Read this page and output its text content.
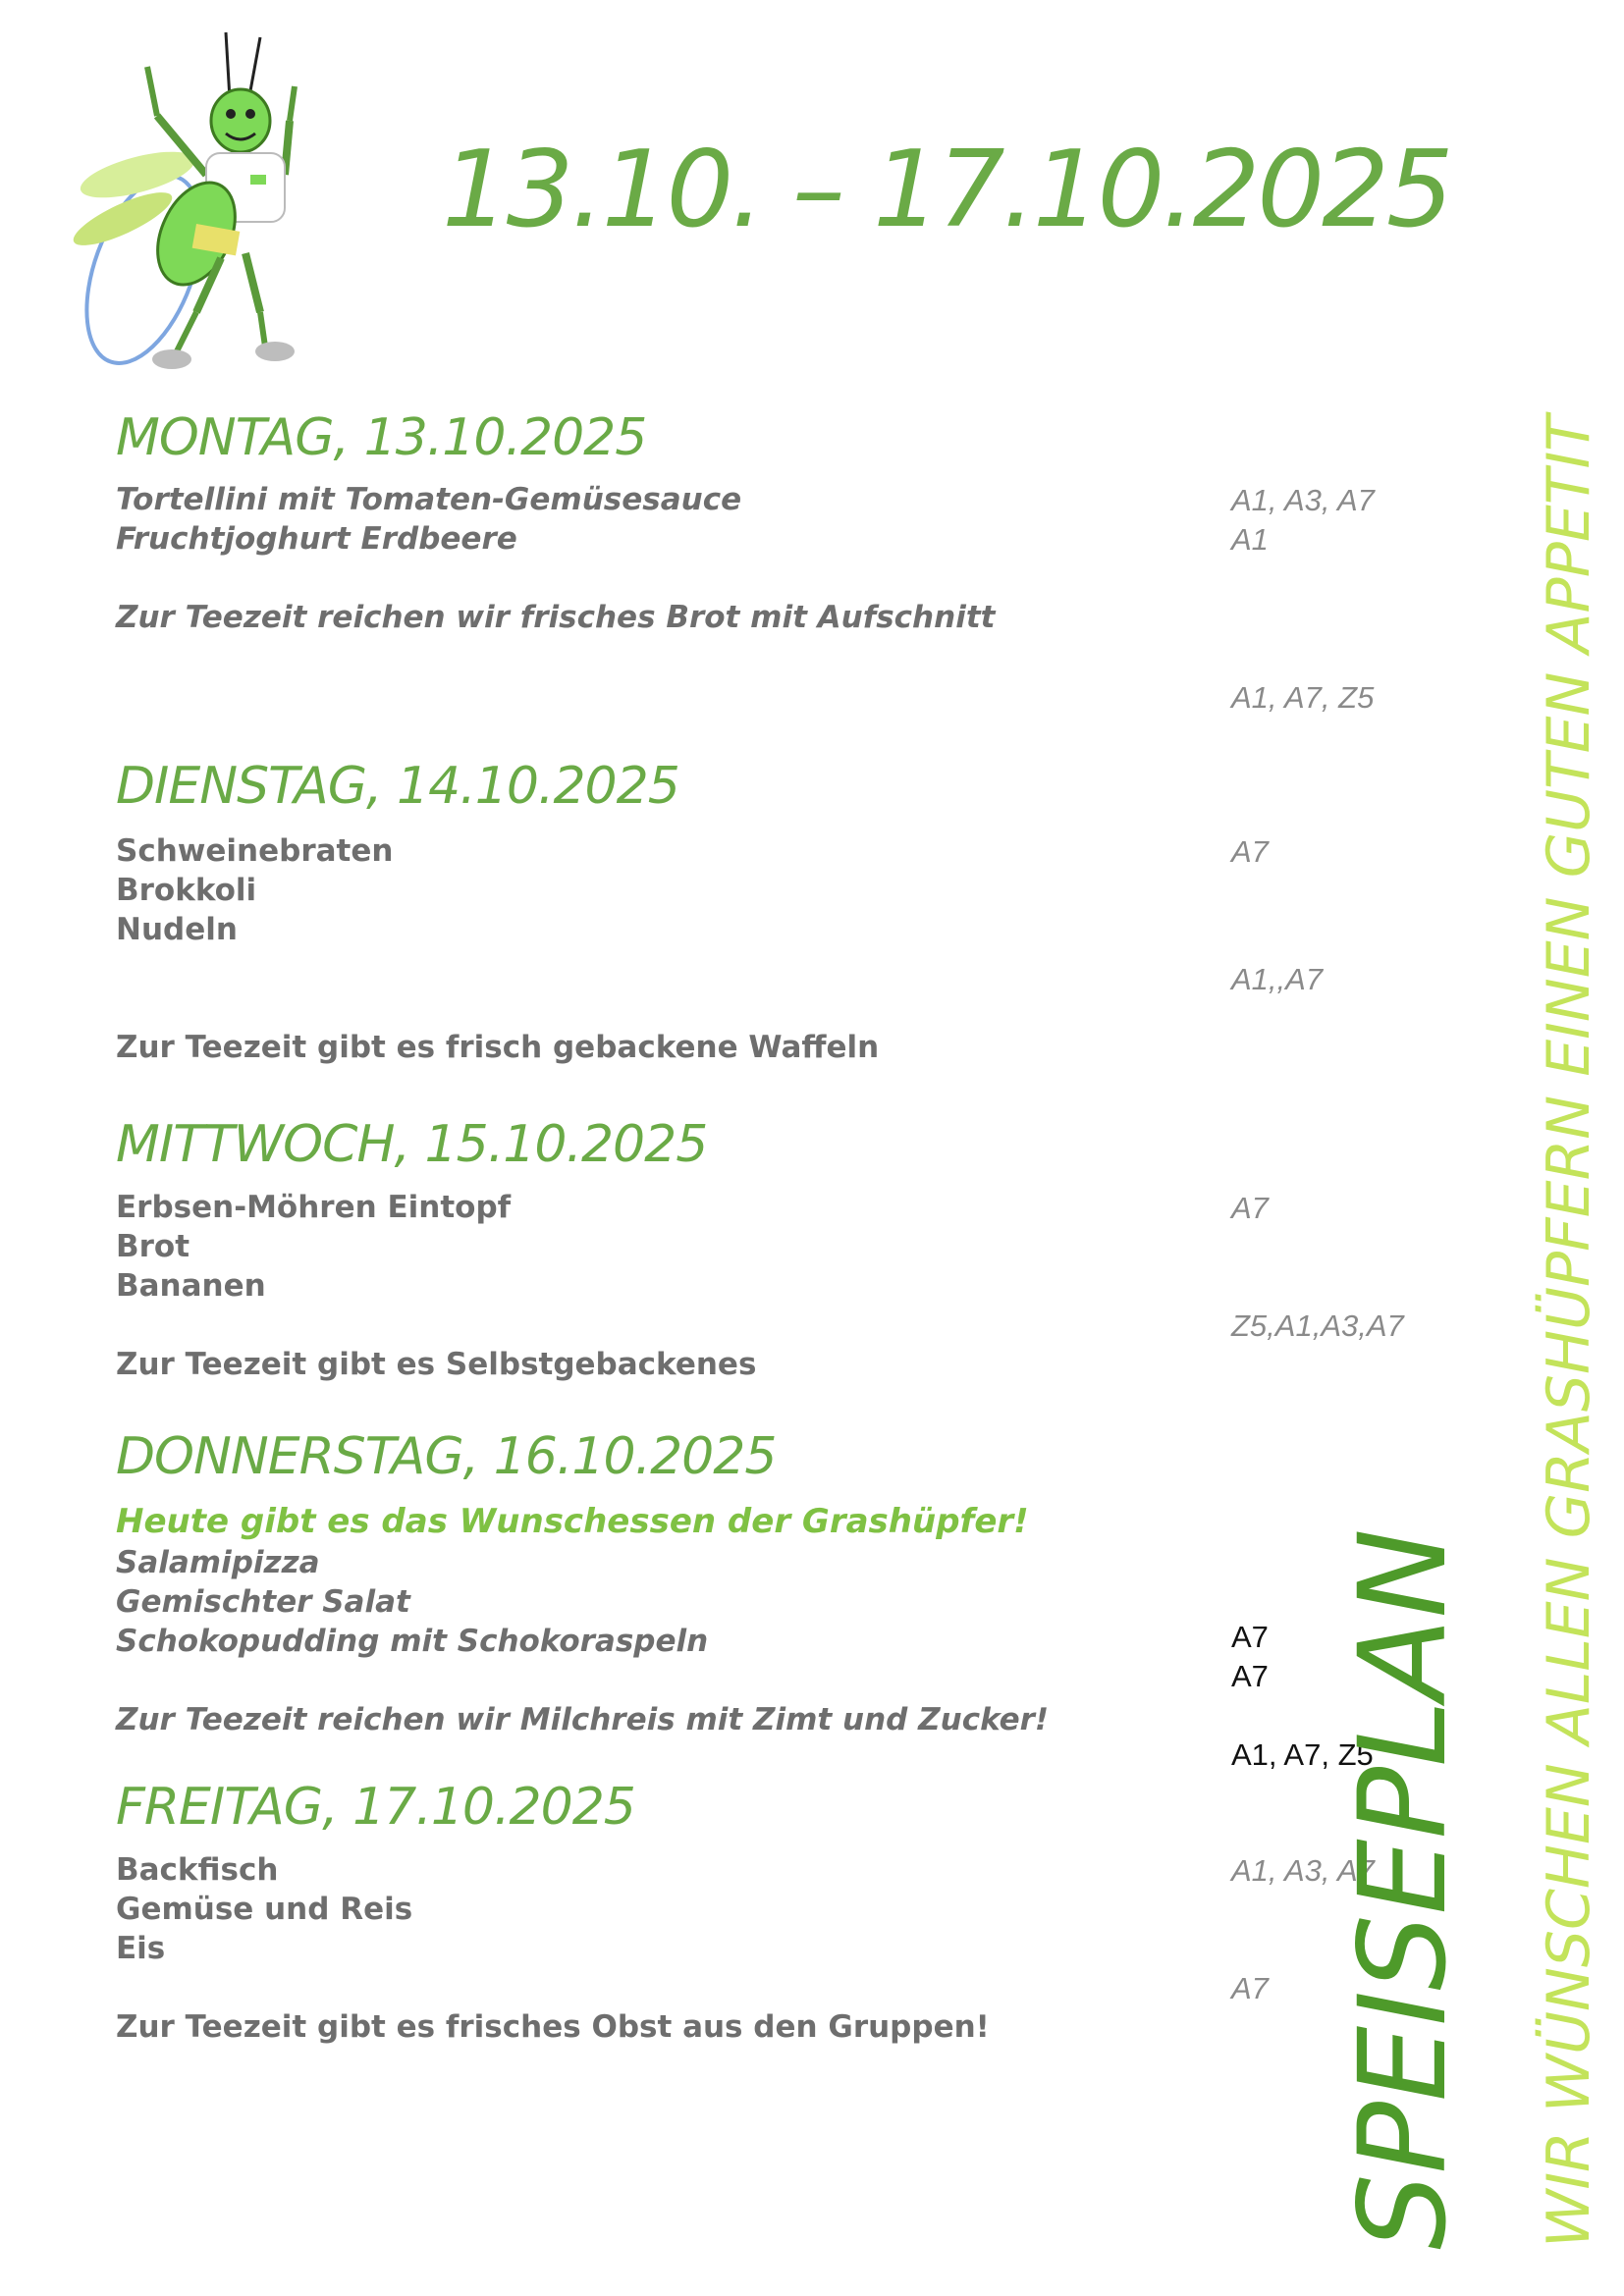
13.10. – 17.10.2025
MONTAG, 13.10.2025
Tortellini mit Tomaten-Gemüsesauce
Fruchtjoghurt Erdbeere
Zur Teezeit reichen wir frisches Brot mit Aufschnitt
A1, A3, A7
A1
A1, A7, Z5
DIENSTAG, 14.10.2025
Schweinebraten
Brokkoli
Nudeln
Zur Teezeit gibt es frisch gebackene Waffeln
A7
A1,,A7
MITTWOCH, 15.10.2025
Erbsen-Möhren Eintopf
Brot
Bananen
Zur Teezeit gibt es Selbstgebackenes
A7
Z5,A1,A3,A7
DONNERSTAG, 16.10.2025
Heute gibt es das Wunschessen der Grashüpfer!
Salamipizza
Gemischter Salat
Schokopudding mit Schokoraspeln
Zur Teezeit reichen wir Milchreis mit Zimt und Zucker!
A7
A7
A1, A7, Z5
FREITAG, 17.10.2025
Backfisch
Gemüse und Reis
Eis
Zur Teezeit gibt es frisches Obst aus den Gruppen!
A1, A3, A7
A7 SPEISEPLAN WIR WÜNSCHEN ALLEN GRASHÜPFERN EINEN GUTEN APPETIT
